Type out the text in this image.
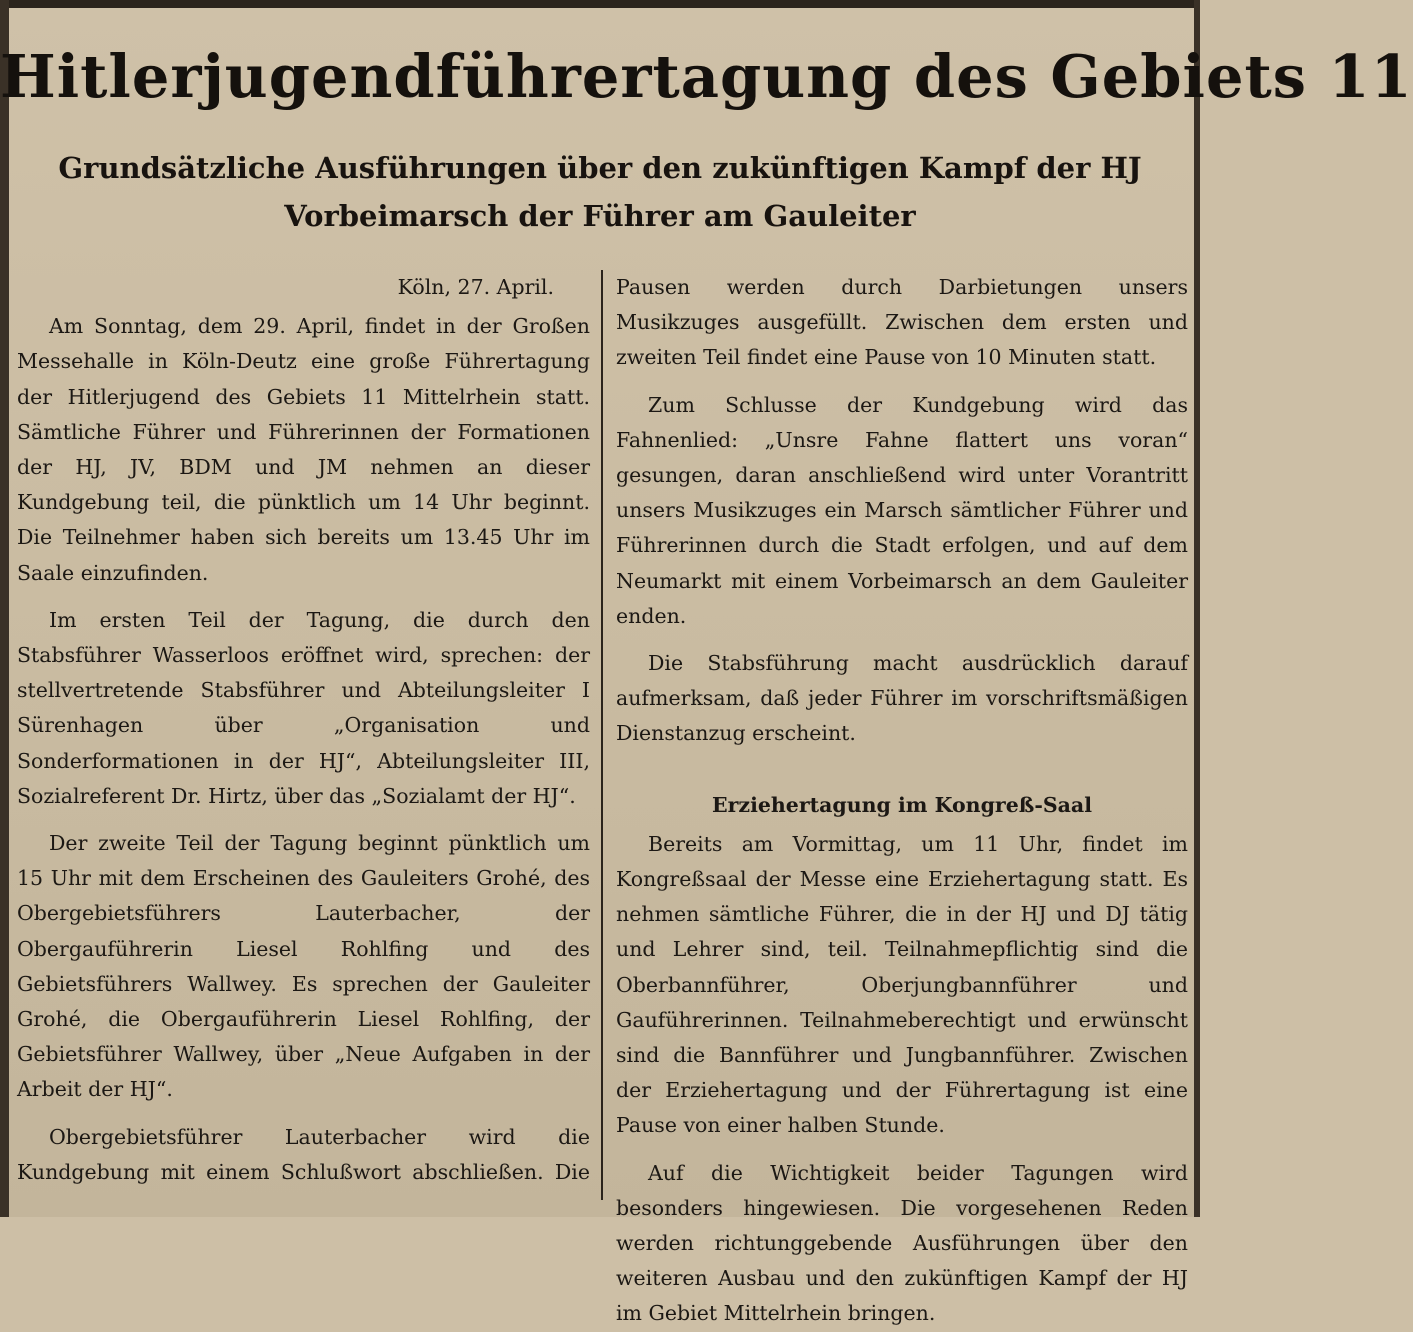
Hitlerjugendführertagung des Gebiets 11
Grundsätzliche Ausführungen über den zukünftigen Kampf der HJ
Vorbeimarsch der Führer am Gauleiter

Köln, 27. April.

Am Sonntag, dem 29. April, findet in der Großen Messehalle in Köln-Deutz eine große Führertagung der Hitlerjugend des Gebiets 11 Mittelrhein statt. Sämtliche Führer und Führerinnen der Formationen der HJ, JV, BDM und JM nehmen an dieser Kundgebung teil, die pünktlich um 14 Uhr beginnt. Die Teilnehmer haben sich bereits um 13.45 Uhr im Saale einzufinden.

Im ersten Teil der Tagung, die durch den Stabsführer Wasserloos eröffnet wird, sprechen: der stellvertretende Stabsführer und Abteilungsleiter I Sürenhagen über „Organisation und Sonderformationen in der HJ“, Abteilungsleiter III, Sozialreferent Dr. Hirtz, über das „Sozialamt der HJ“.

Der zweite Teil der Tagung beginnt pünktlich um 15 Uhr mit dem Erscheinen des Gauleiters Grohé, des Obergebietsführers Lauterbacher, der Obergauführerin Liesel Rohlfing und des Gebietsführers Wallwey. Es sprechen der Gauleiter Grohé, die Obergauführerin Liesel Rohlfing, der Gebietsführer Wallwey, über „Neue Aufgaben in der Arbeit der HJ“.

Obergebietsführer Lauterbacher wird die Kundgebung mit einem Schlußwort abschließen. Die

Pausen werden durch Darbietungen unsers Musikzuges ausgefüllt. Zwischen dem ersten und zweiten Teil findet eine Pause von 10 Minuten statt.

Zum Schlusse der Kundgebung wird das Fahnenlied: „Unsre Fahne flattert uns voran“ gesungen, daran anschließend wird unter Vorantritt unsers Musikzuges ein Marsch sämtlicher Führer und Führerinnen durch die Stadt erfolgen, und auf dem Neumarkt mit einem Vorbeimarsch an dem Gauleiter enden.

Die Stabsführung macht ausdrücklich darauf aufmerksam, daß jeder Führer im vorschriftsmäßigen Dienstanzug erscheint.

Erziehertagung im Kongreß-Saal

Bereits am Vormittag, um 11 Uhr, findet im Kongreßsaal der Messe eine Erziehertagung statt. Es nehmen sämtliche Führer, die in der HJ und DJ tätig und Lehrer sind, teil. Teilnahmepflichtig sind die Oberbannführer, Oberjungbannführer und Gauführerinnen. Teilnahmeberechtigt und erwünscht sind die Bannführer und Jungbannführer. Zwischen der Erziehertagung und der Führertagung ist eine Pause von einer halben Stunde.

Auf die Wichtigkeit beider Tagungen wird besonders hingewiesen. Die vorgesehenen Reden werden richtunggebende Ausführungen über den weiteren Ausbau und den zukünftigen Kampf der HJ im Gebiet Mittelrhein bringen.
